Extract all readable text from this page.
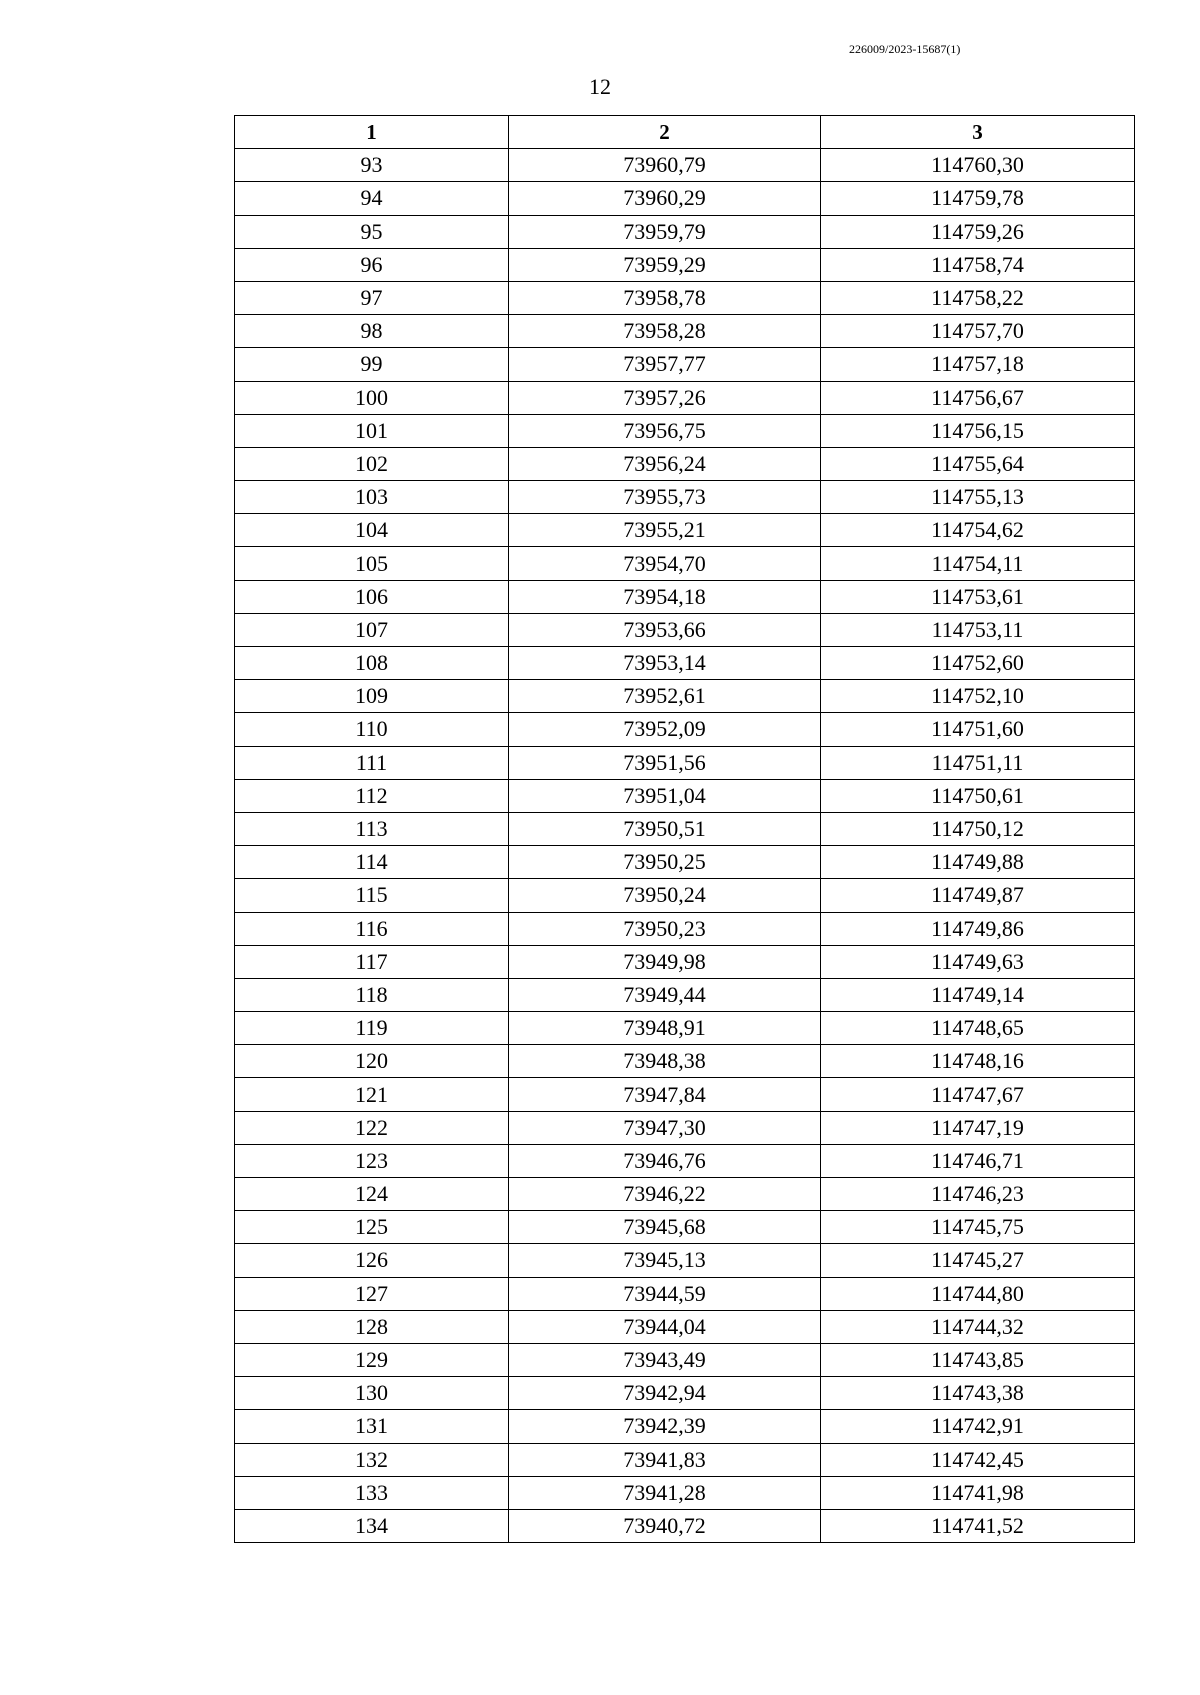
226009/2023-15687(1)
12
1	2	3
93	73960,79	114760,30
94	73960,29	114759,78
95	73959,79	114759,26
96	73959,29	114758,74
97	73958,78	114758,22
98	73958,28	114757,70
99	73957,77	114757,18
100	73957,26	114756,67
101	73956,75	114756,15
102	73956,24	114755,64
103	73955,73	114755,13
104	73955,21	114754,62
105	73954,70	114754,11
106	73954,18	114753,61
107	73953,66	114753,11
108	73953,14	114752,60
109	73952,61	114752,10
110	73952,09	114751,60
111	73951,56	114751,11
112	73951,04	114750,61
113	73950,51	114750,12
114	73950,25	114749,88
115	73950,24	114749,87
116	73950,23	114749,86
117	73949,98	114749,63
118	73949,44	114749,14
119	73948,91	114748,65
120	73948,38	114748,16
121	73947,84	114747,67
122	73947,30	114747,19
123	73946,76	114746,71
124	73946,22	114746,23
125	73945,68	114745,75
126	73945,13	114745,27
127	73944,59	114744,80
128	73944,04	114744,32
129	73943,49	114743,85
130	73942,94	114743,38
131	73942,39	114742,91
132	73941,83	114742,45
133	73941,28	114741,98
134	73940,72	114741,52
